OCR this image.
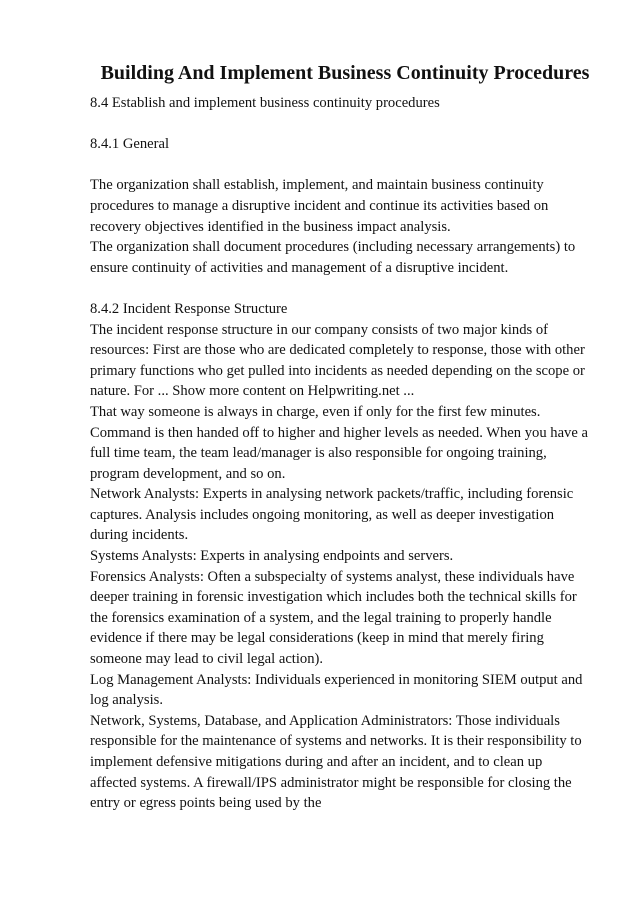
Building And Implement Business Continuity Procedures

8.4 Establish and implement business continuity procedures

8.4.1 General

The organization shall establish, implement, and maintain business continuity

procedures to manage a disruptive incident and continue its activities based on

recovery objectives identified in the business impact analysis.

The organization shall document procedures (including necessary arrangements) to

ensure continuity of activities and management of a disruptive incident.

8.4.2 Incident Response Structure

The incident response structure in our company consists of two major kinds of

resources: First are those who are dedicated completely to response, those with other

primary functions who get pulled into incidents as needed depending on the scope or

nature. For ... Show more content on Helpwriting.net ...

That way someone is always in charge, even if only for the first few minutes.

Command is then handed off to higher and higher levels as needed. When you have a

full time team, the team lead/manager is also responsible for ongoing training,

program development, and so on.

Network Analysts: Experts in analysing network packets/traffic, including forensic

captures. Analysis includes ongoing monitoring, as well as deeper investigation

during incidents.

Systems Analysts: Experts in analysing endpoints and servers.

Forensics Analysts: Often a subspecialty of systems analyst, these individuals have

deeper training in forensic investigation which includes both the technical skills for

the forensics examination of a system, and the legal training to properly handle

evidence if there may be legal considerations (keep in mind that merely firing

someone may lead to civil legal action).

Log Management Analysts: Individuals experienced in monitoring SIEM output and

log analysis.

Network, Systems, Database, and Application Administrators: Those individuals

responsible for the maintenance of systems and networks. It is their responsibility to

implement defensive mitigations during and after an incident, and to clean up

affected systems. A firewall/IPS administrator might be responsible for closing the

entry or egress points being used by the
